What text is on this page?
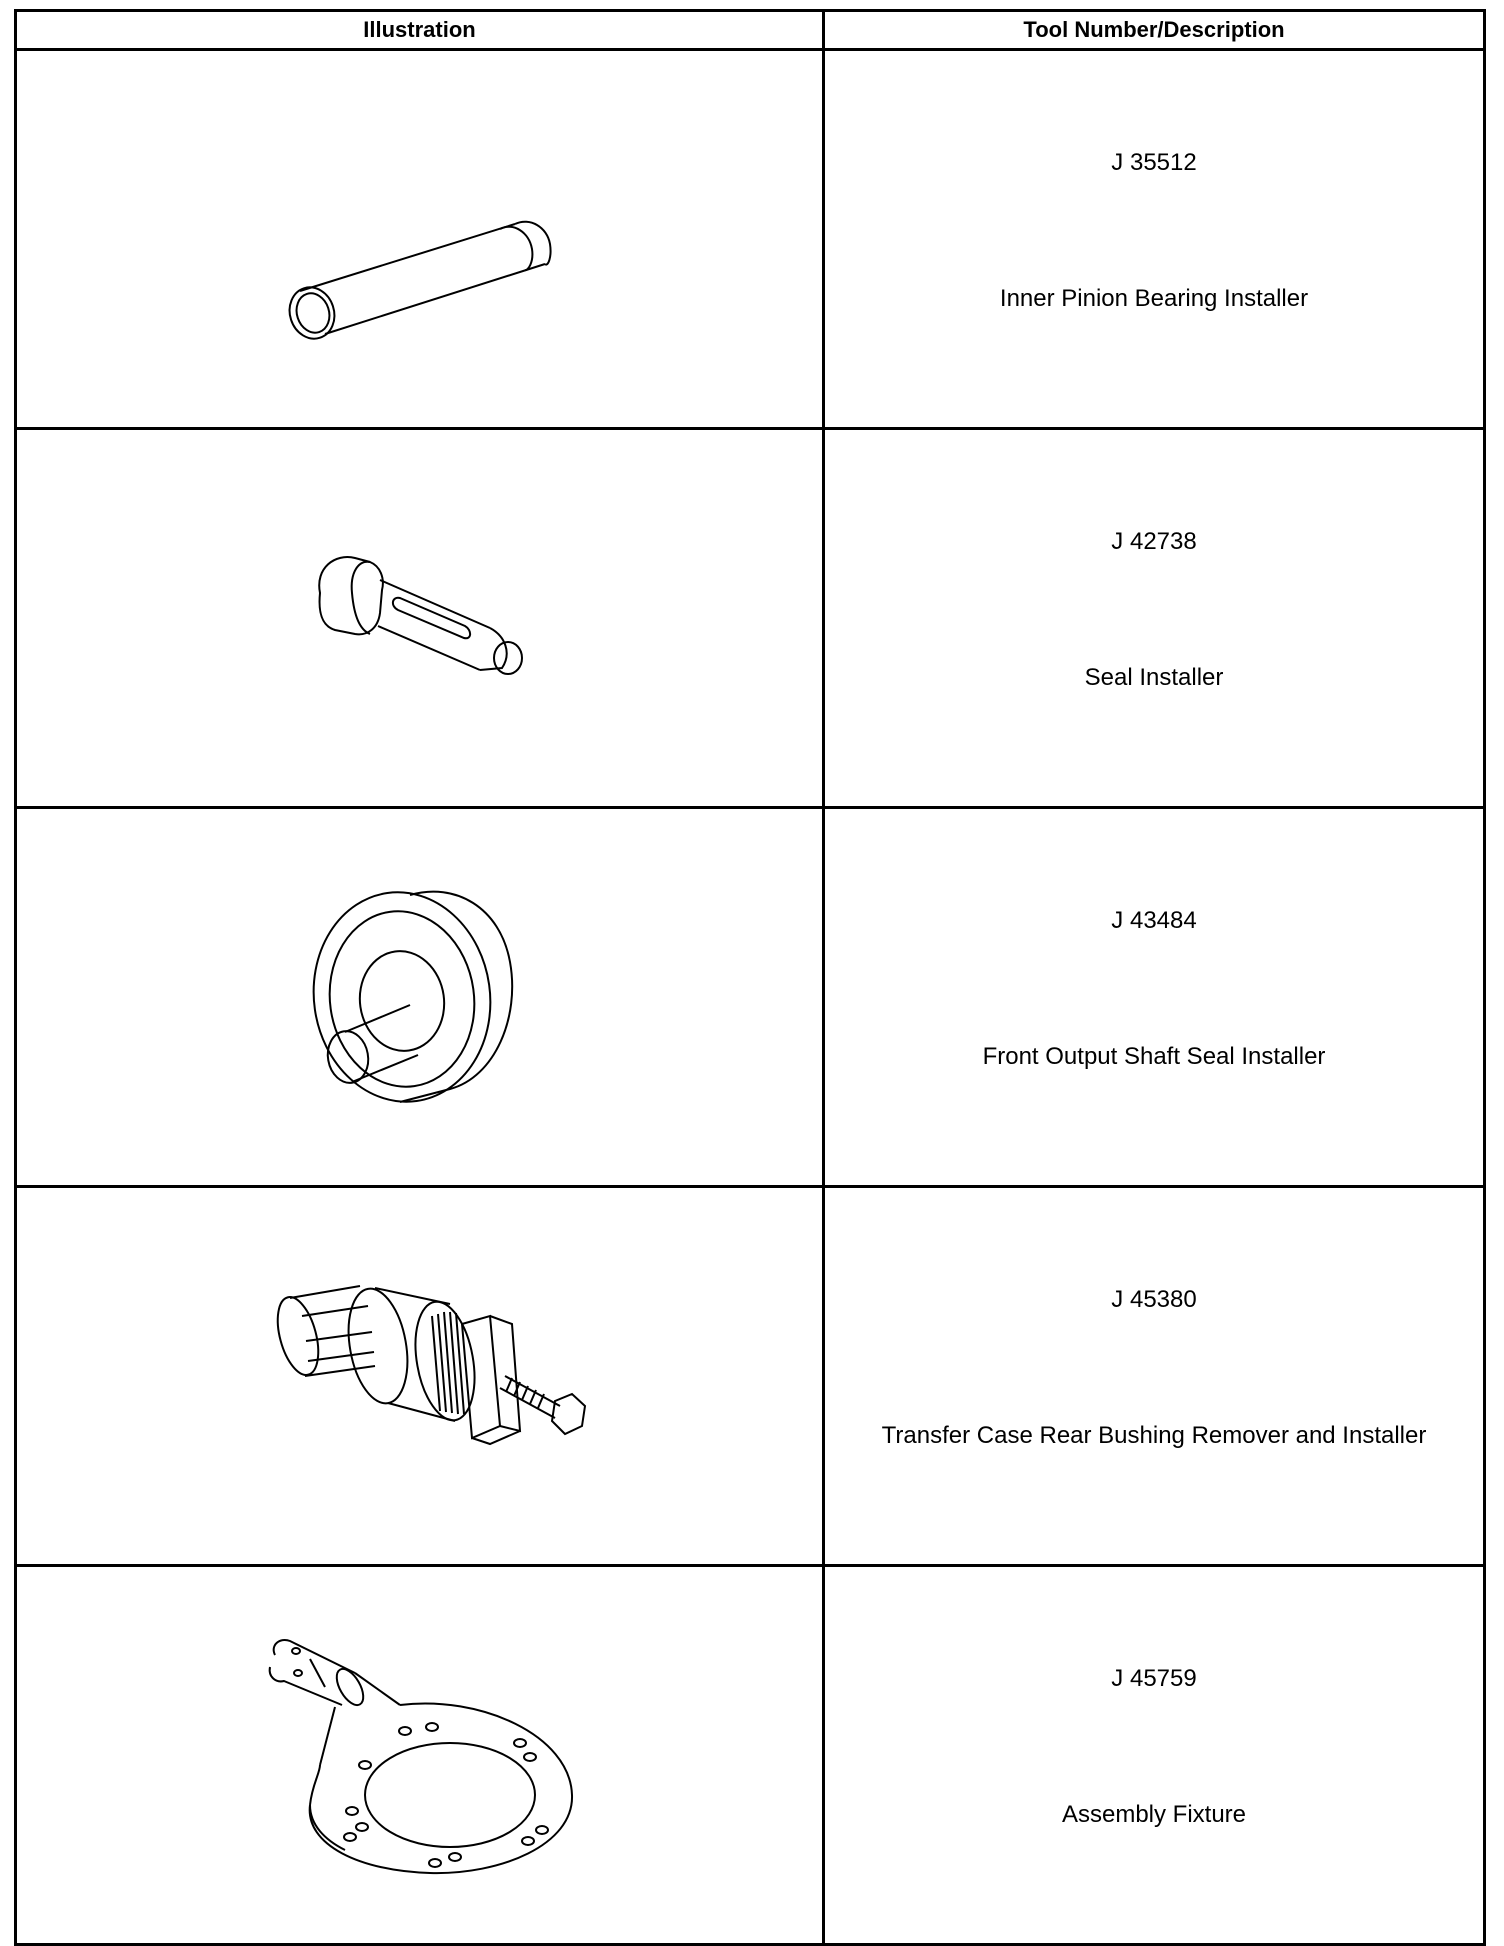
Illustration	Tool Number/Description

J 35512
Inner Pinion Bearing Installer

J 42738
Seal Installer

J 43484
Front Output Shaft Seal Installer

J 45380
Transfer Case Rear Bushing Remover and Installer

J 45759
Assembly Fixture
